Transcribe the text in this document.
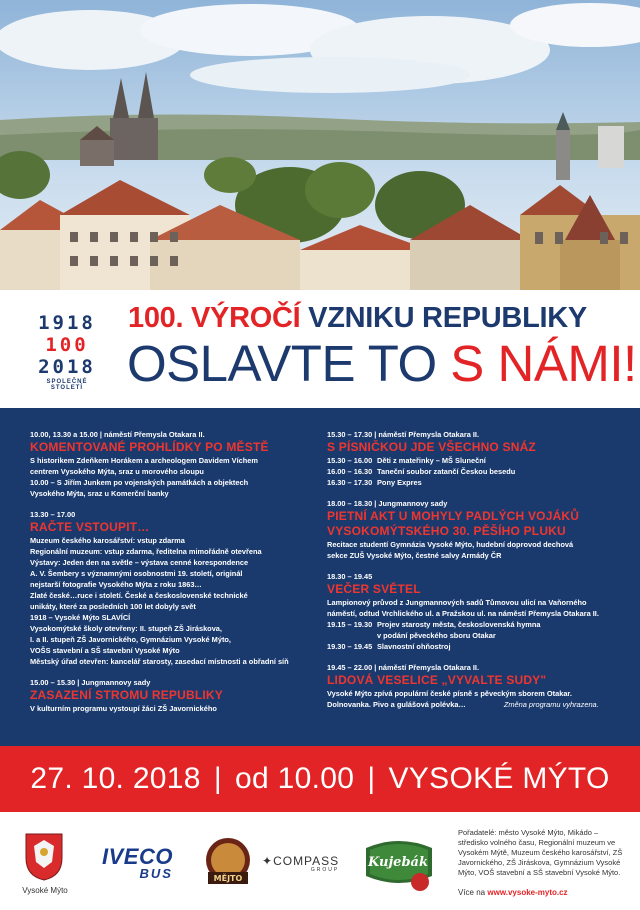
1918
100
2018
SPOLEČNÉ STOLETÍ
100. VÝROČÍ VZNIKU REPUBLIKY
OSLAVTE TO S NÁMI!
10.00, 13.30 a 15.00 | náměstí Přemysla Otakara II.
KOMENTOVANÉ PROHLÍDKY PO MĚSTĚ
S historikem Zdeňkem Horákem a archeologem Davidem Víchem
centrem Vysokého Mýta, sraz u morového sloupu
10.00 – S Jiřím Junkem po vojenských památkách a objektech
Vysokého Mýta, sraz u Komerční banky
13.30 – 17.00
RAČTE VSTOUPIT…
Muzeum českého karosářství: vstup zdarma
Regionální muzeum: vstup zdarma, ředitelna mimořádně otevřena
Výstavy: Jeden den na světle – výstava cenné korespondence
A. V. Šembery s významnými osobnostmi 19. století, originál
nejstarší fotografie Vysokého Mýta z roku 1863…
Zlaté české…ruce i století. České a československé technické
unikáty, které za posledních 100 let dobyly svět
1918 – Vysoké Mýto SLAVÍCÍ
Vysokomýtské školy otevřeny: II. stupeň ZŠ Jiráskova,
I. a II. stupeň ZŠ Javornického, Gymnázium Vysoké Mýto,
VOŠS stavební a SŠ stavební Vysoké Mýto
Městský úřad otevřen: kancelář starosty, zasedací místnosti a obřadní síň
15.00 – 15.30 | Jungmannovy sady
ZASAZENÍ STROMU REPUBLIKY
V kulturním programu vystoupí žáci ZŠ Javornického
15.30 – 17.30 | náměstí Přemysla Otakara II.
S PÍSNIČKOU JDE VŠECHNO SNÁZ
15.30 – 16.00 Děti z mateřinky – MŠ Sluneční
16.00 – 16.30 Taneční soubor zatančí Českou besedu
16.30 – 17.30 Pony Expres
18.00 – 18.30 | Jungmannovy sady
PIETNÍ AKT U MOHYLY PADLÝCH VOJÁKŮ
VYSOKOMÝTSKÉHO 30. PĚŠÍHO PLUKU
Recitace studentí Gymnázia Vysoké Mýto, hudební doprovod dechová
sekce ZUŠ Vysoké Mýto, čestné salvy Armády ČR
18.30 – 19.45
VEČER SVĚTEL
Lampionový průvod z Jungmannových sadů Tůmovou ulicí na Vaňorného
náměstí, odtud Vrchlického ul. a Pražskou ul. na náměstí Přemysla Otakara II.
19.15 – 19.30 Projev starosty města, československá hymna
v podání pěveckého sboru Otakar
19.30 – 19.45 Slavnostní ohňostroj
19.45 – 22.00 | náměstí Přemysla Otakara II.
LIDOVÁ VESELICE „VYVALTE SUDY"
Vysoké Mýto zpívá populární české písně s pěveckým sborem Otakar.
Dolnovanka. Pivo a gulášová polévka…	Změna programu vyhrazena.
27. 10. 2018  |  od 10.00  |  VYSOKÉ MÝTO
Vysoké Mýto
IVECO
BUS	MĚJTO
✦COMPASS
GROUP Kujebák
Pořadatelé: město Vysoké Mýto, Mikádo – středisko volného času, Regionální muzeum ve Vysokém Mýtě, Muzeum českého karosářství, ZŠ Javornického, ZŠ Jiráskova, Gymnázium Vysoké Mýto, VOŠ stavební a SŠ stavební Vysoké Mýto.
Více na www.vysoke-myto.cz
